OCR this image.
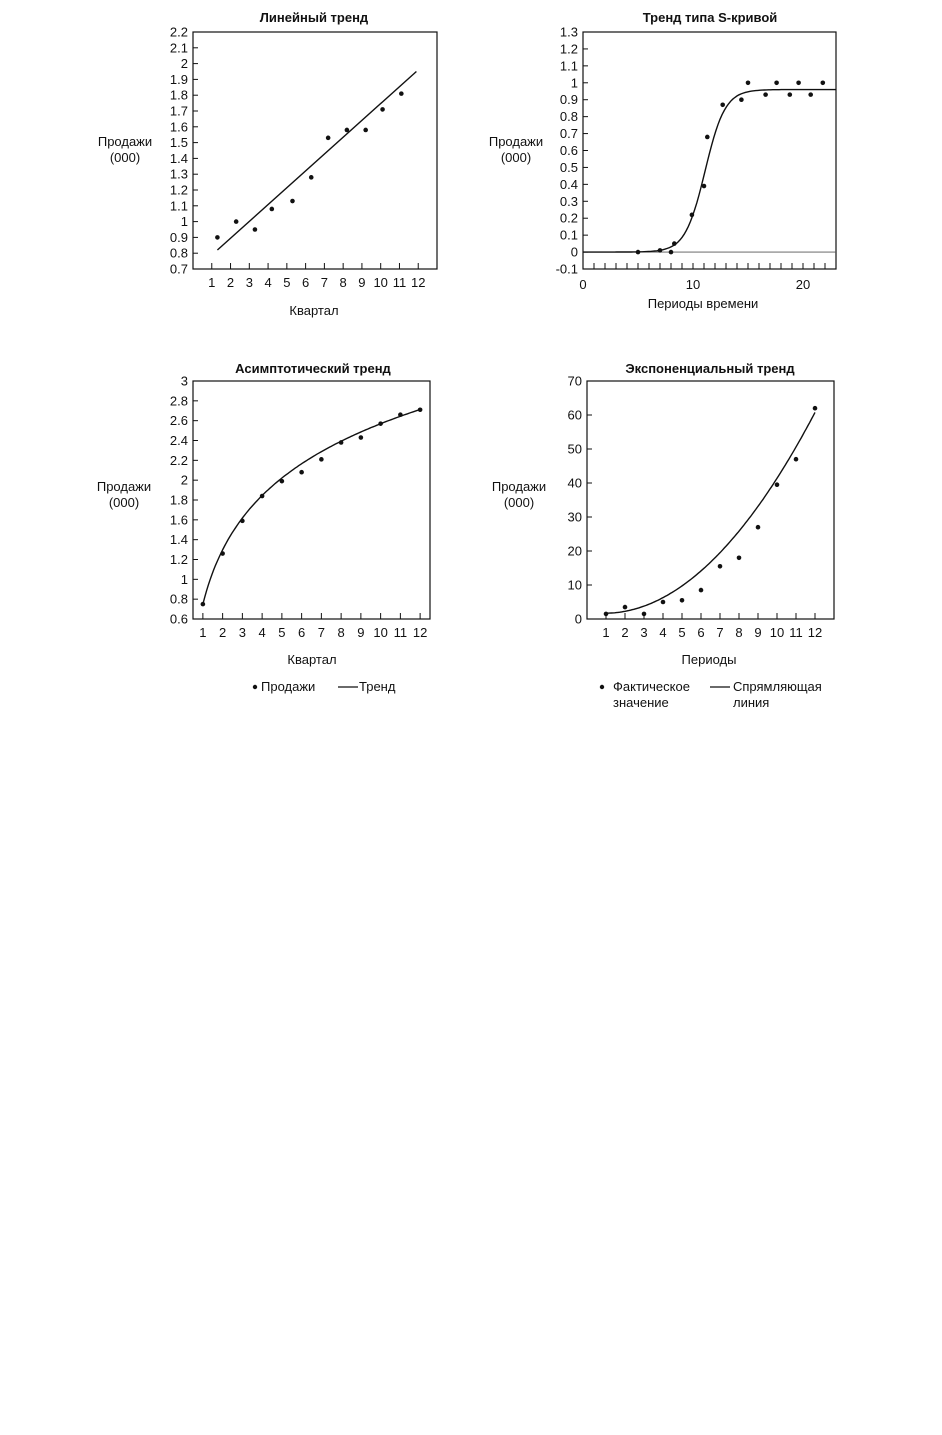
Линейный тренд
Продажи
(000)
Квартал
0.7
0.8
0.9
1
1.1
1.2
1.3
1.4
1.5
1.6
1.7
1.8
1.9
2
2.1
2.2
1 2 3 4 5 6 7 8 9 10 11 12
Тренд типа S-кривой
Продажи
(000)
Периоды времени
-0.1
0
0.1
0.2
0.3
0.4
0.5
0.6
0.7
0.8
0.9
1
1.1
1.2
1.3
0	10	20
Асимптотический тренд
Продажи
(000)
Квартал
0.6
0.8
1
1.2
1.4
1.6
1.8
2
2.2
2.4
2.6
2.8
3
1 2 3 4 5 6 7 8 9 10 11 12
Продажи	Тренд
Экспоненциальный тренд
Продажи
(000)
Периоды
0
10
20
30
40
50
60
70
1 2 3 4 5 6 7 8 9 10 11 12
Фактическое
значение
Спрямляющая
линия
